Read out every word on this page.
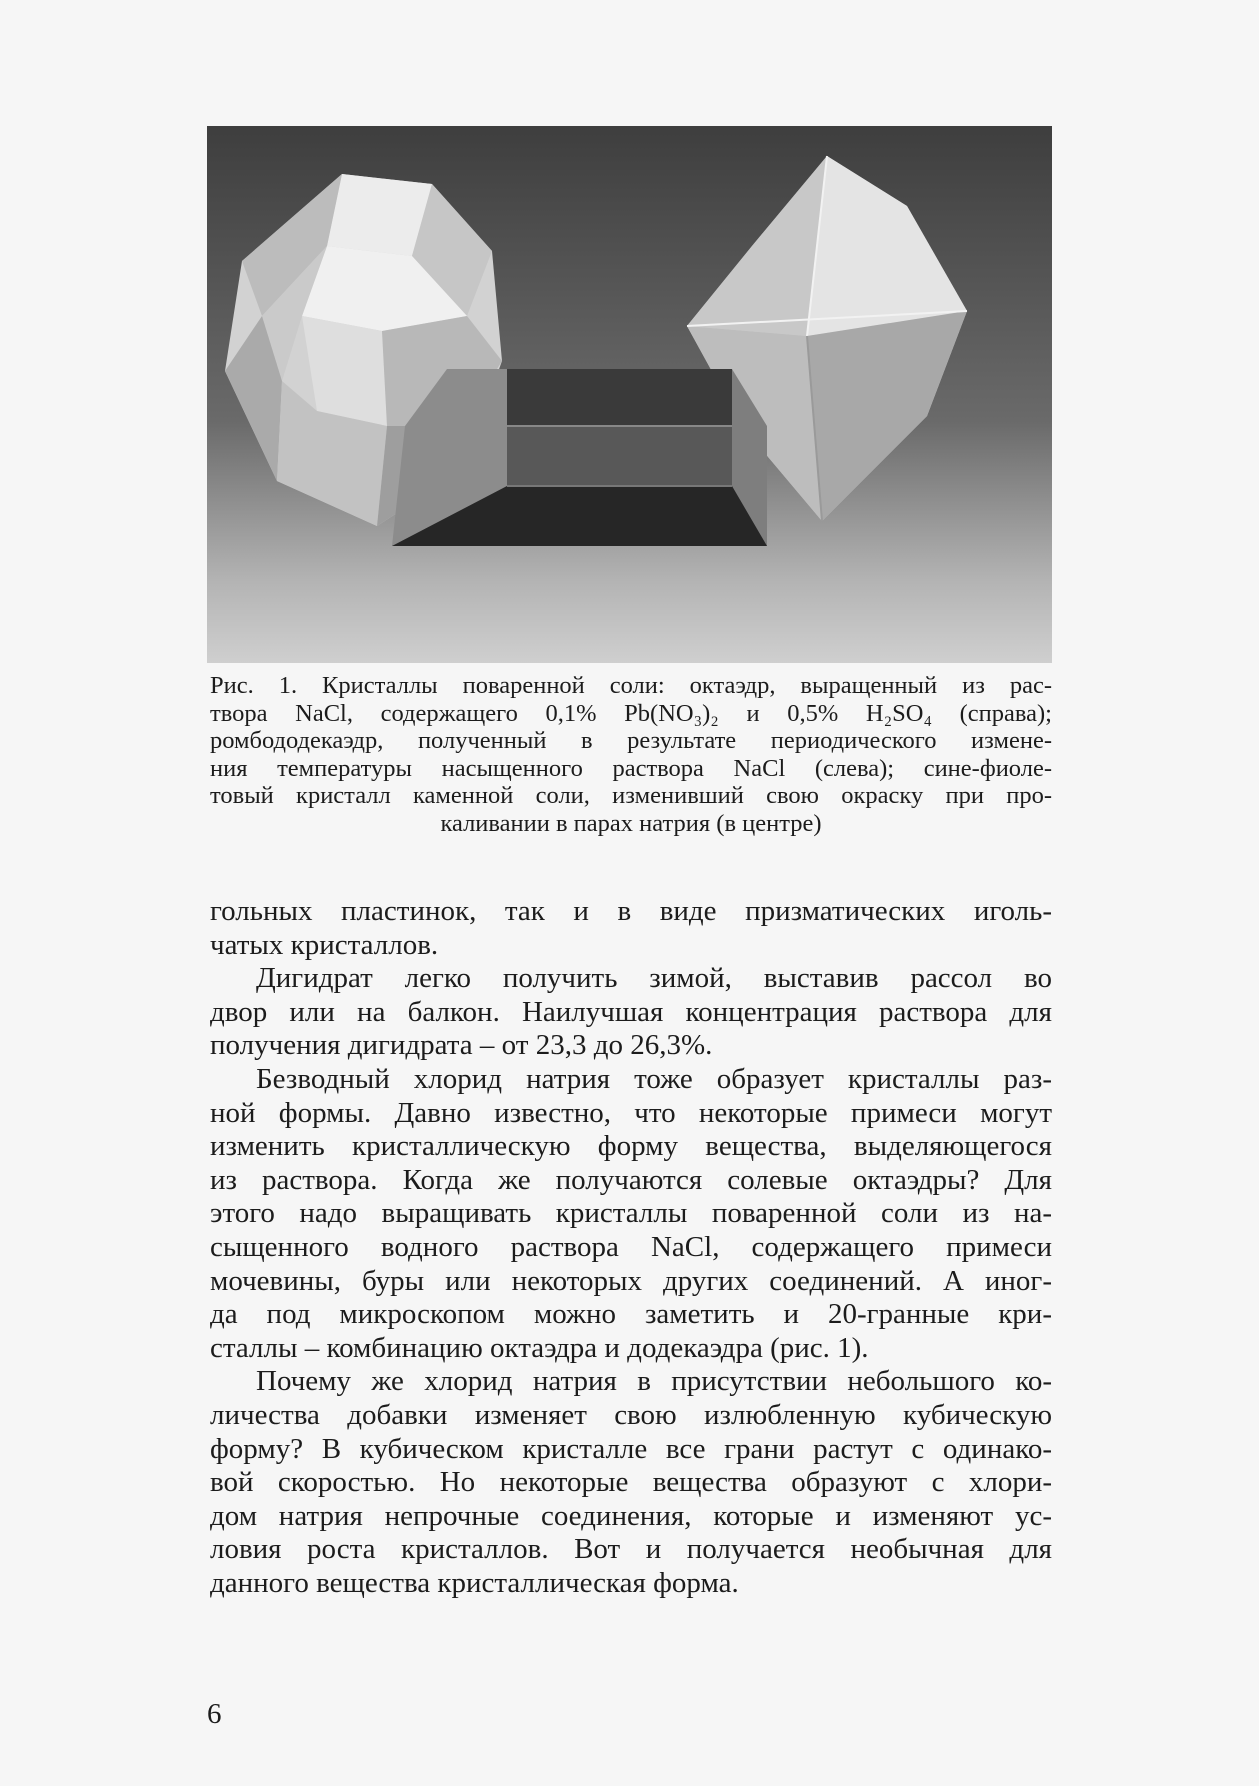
Рис. 1. Кристаллы поваренной соли: октаэдр, выращенный из рас-
твора NaCl, содержащего 0,1% Pb(NO₃)₂ и 0,5% H₂SO₄ (справа);
ромбододекаэдр, полученный в результате периодического измене-
ния температуры насыщенного раствора NaCl (слева); сине-фиоле-
товый кристалл каменной соли, изменивший свою окраску при про-
каливании в парах натрия (в центре)
гольных пластинок, так и в виде призматических иголь-
чатых кристаллов.
Дигидрат легко получить зимой, выставив рассол во
двор или на балкон. Наилучшая концентрация раствора для
получения дигидрата – от 23,3 до 26,3%.
Безводный хлорид натрия тоже образует кристаллы раз-
ной формы. Давно известно, что некоторые примеси могут
изменить кристаллическую форму вещества, выделяющегося
из раствора. Когда же получаются солевые октаэдры? Для
этого надо выращивать кристаллы поваренной соли из на-
сыщенного водного раствора NaCl, содержащего примеси
мочевины, буры или некоторых других соединений. А иног-
да под микроскопом можно заметить и 20-гранные кри-
сталлы – комбинацию октаэдра и додекаэдра (рис. 1).
Почему же хлорид натрия в присутствии небольшого ко-
личества добавки изменяет свою излюбленную кубическую
форму? В кубическом кристалле все грани растут с одинако-
вой скоростью. Но некоторые вещества образуют с хлори-
дом натрия непрочные соединения, которые и изменяют ус-
ловия роста кристаллов. Вот и получается необычная для
данного вещества кристаллическая форма.
6
